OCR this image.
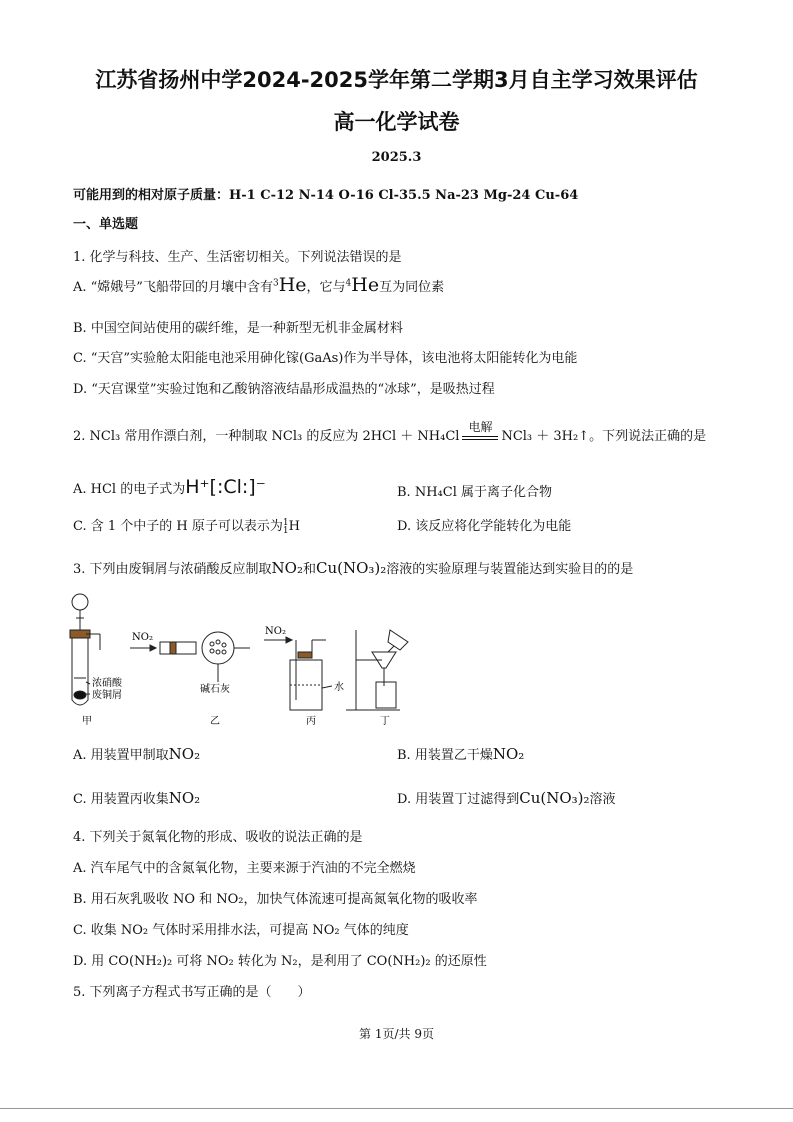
江苏省扬州中学2024-2025学年第二学期3月自主学习效果评估
高一化学试卷
2025.3
可能用到的相对原子质量：H-1 C-12 N-14 O-16 Cl-35.5 Na-23 Mg-24 Cu-64
一、单选题
1. 化学与科技、生产、生活密切相关。下列说法错误的是
A. “嫦娥号”飞船带回的月壤中含有$^3$He，它与$^4$He互为同位素
B. 中国空间站使用的碳纤维，是一种新型无机非金属材料
C. “天宫”实验舱太阳能电池采用砷化镓(GaAs)作为半导体，该电池将太阳能转化为电能
D. “天宫课堂”实验过饱和乙酸钠溶液结晶形成温热的“冰球”，是吸热过程
2. NCl₃ 常用作漂白剂，一种制取 NCl₃ 的反应为 2HCl ＋ NH₄Cl
电解
NCl₃ ＋ 3H₂↑。下列说法正确的是
A. HCl 的电子式为H⁺[:Cl:]⁻	B. NH₄Cl 属于离子化合物
C. 含 1 个中子的 H 原子可以表示为 1
1 H	D. 该反应将化学能转化为电能
3. 下列由废铜屑与浓硝酸反应制取NO₂和Cu(NO₃)₂溶液的实验原理与装置能达到实验目的的是
浓硝酸
废铜屑
甲
NO₂
碱石灰
乙
NO₂
水
丙	丁
A. 用装置甲制取NO₂	B. 用装置乙干燥NO₂
C. 用装置丙收集NO₂	D. 用装置丁过滤得到Cu(NO₃)₂溶液
4. 下列关于氮氧化物的形成、吸收的说法正确的是
A. 汽车尾气中的含氮氧化物，主要来源于汽油的不完全燃烧
B. 用石灰乳吸收 NO 和 NO₂，加快气体流速可提高氮氧化物的吸收率
C. 收集 NO₂ 气体时采用排水法，可提高 NO₂ 气体的纯度
D. 用 CO(NH₂)₂ 可将 NO₂ 转化为 N₂，是利用了 CO(NH₂)₂ 的还原性
5. 下列离子方程式书写正确的是（　　）
第 1页/共 9页
